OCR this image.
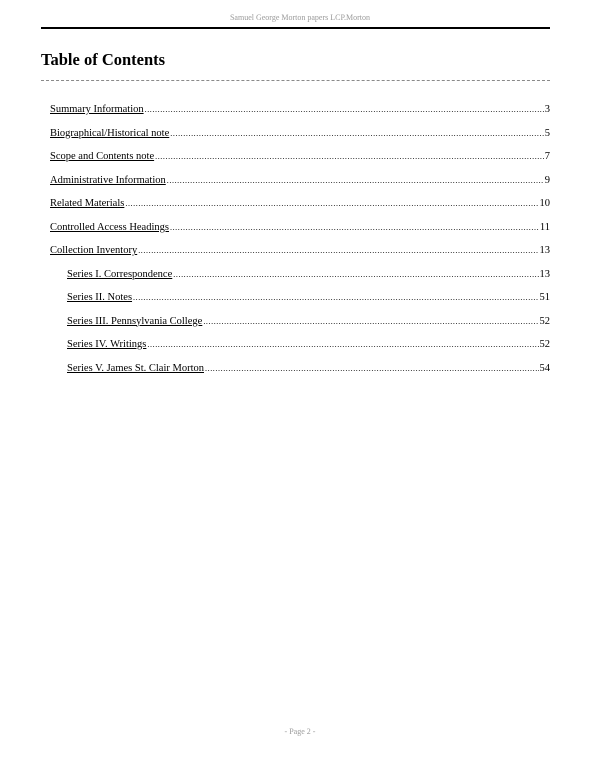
Samuel George Morton papers LCP.Morton
Table of Contents
Summary Information .....	3
Biographical/Historical note .....	5
Scope and Contents note .....	7
Administrative Information .....	9
Related Materials .....	10
Controlled Access Headings .....	11
Collection Inventory .....	13
Series I. Correspondence .....	13
Series II. Notes .....	51
Series III. Pennsylvania College .....	52
Series IV. Writings .....	52
Series V. James St. Clair Morton .....	54
- Page 2 -
